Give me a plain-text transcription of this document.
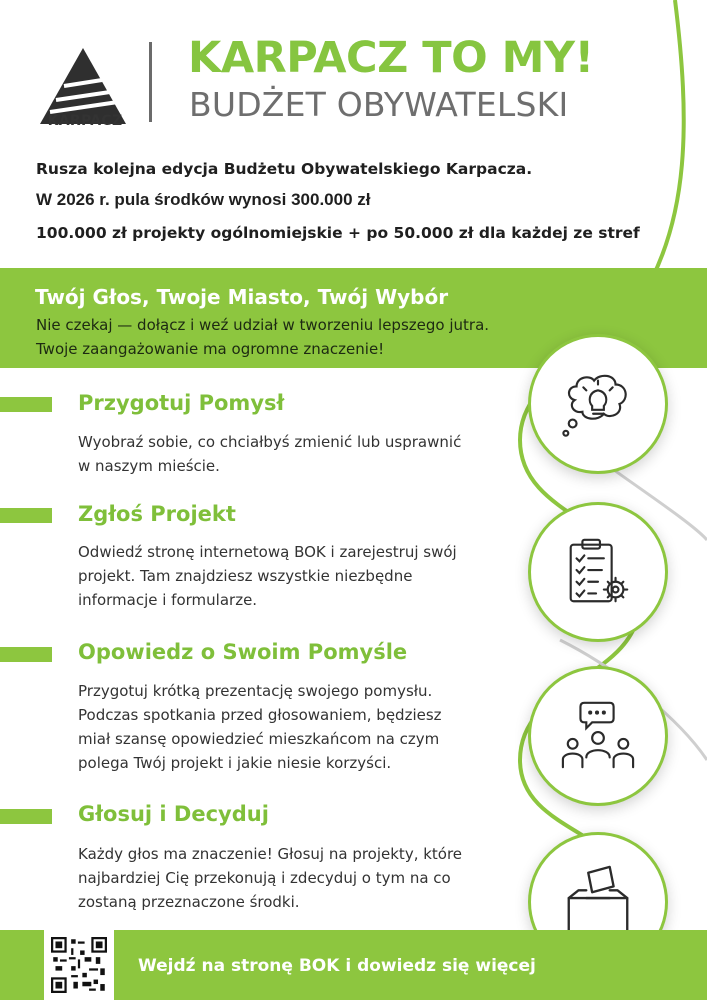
KARPACZ
KARPACZ TO MY!
BUDŻET OBYWATELSKI
Rusza kolejna edycja Budżetu Obywatelskiego Karpacza.
W 2026 r. pula środków wynosi 300.000 zł
100.000 zł projekty ogólnomiejskie + po 50.000 zł dla każdej ze stref
Twój Głos, Twoje Miasto, Twój Wybór
Nie czekaj — dołącz i weź udział w tworzeniu lepszego jutra.
Twoje zaangażowanie ma ogromne znaczenie!
Przygotuj Pomysł
Wyobraź sobie, co chciałbyś zmienić lub usprawnić
w naszym mieście.
Zgłoś Projekt
Odwiedź stronę internetową BOK i zarejestruj swój
projekt. Tam znajdziesz wszystkie niezbędne
informacje i formularze.
Opowiedz o Swoim Pomyśle
Przygotuj krótką prezentację swojego pomysłu.
Podczas spotkania przed głosowaniem, będziesz
miał szansę opowiedzieć mieszkańcom na czym
polega Twój projekt i jakie niesie korzyści.
Głosuj i Decyduj
Każdy głos ma znaczenie! Głosuj na projekty, które
najbardziej Cię przekonują i zdecyduj o tym na co
zostaną przeznaczone środki.
Wejdź na stronę BOK i dowiedz się więcej
